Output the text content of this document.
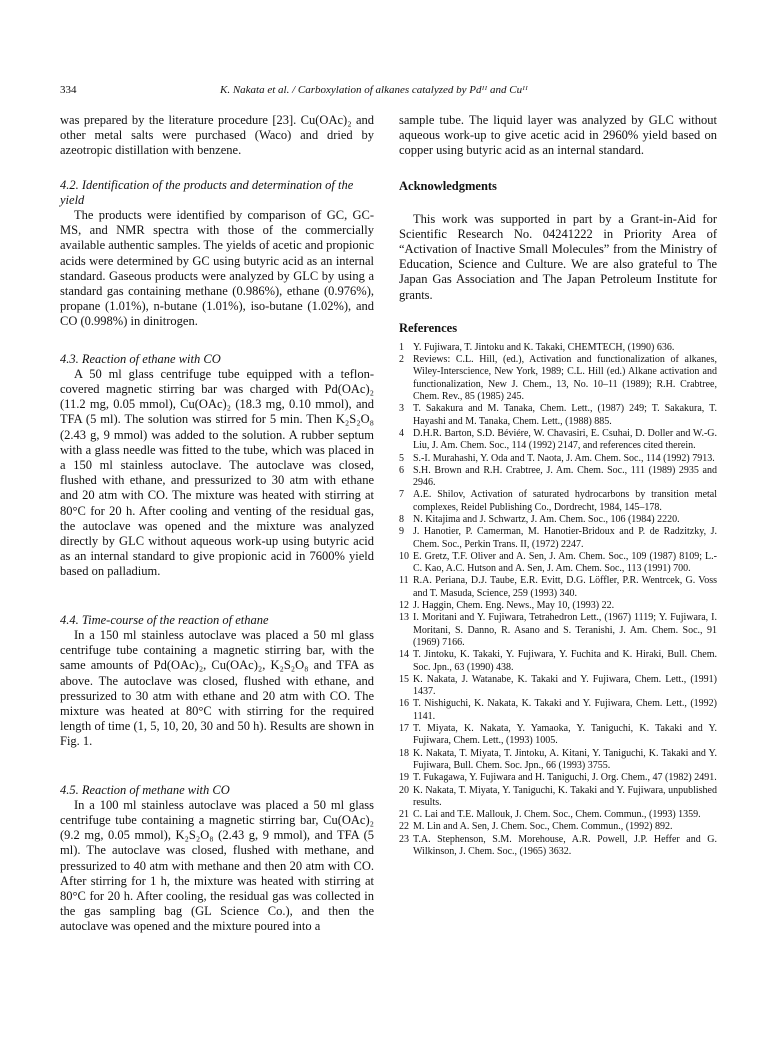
334	K. Nakata et al. / Carboxylation of alkanes catalyzed by Pdᴵᴵ and Cuᴵᴵ

was prepared by the literature procedure [23]. Cu(OAc)₂ and other metal salts were purchased (Waco) and dried by azeotropic distillation with benzene.

4.2. Identification of the products and determination of the yield

The products were identified by comparison of GC, GC-MS, and NMR spectra with those of the commercially available authentic samples. The yields of acetic and propionic acids were determined by GC using butyric acid as an internal standard. Gaseous products were analyzed by GLC by using a standard gas containing methane (0.986%), ethane (0.976%), propane (1.01%), n-butane (1.01%), iso-butane (1.02%), and CO (0.998%) in dinitrogen.

4.3. Reaction of ethane with CO

A 50 ml glass centrifuge tube equipped with a teflon-covered magnetic stirring bar was charged with Pd(OAc)₂ (11.2 mg, 0.05 mmol), Cu(OAc)₂ (18.3 mg, 0.10 mmol), and TFA (5 ml). The solution was stirred for 5 min. Then K₂S₂O₈ (2.43 g, 9 mmol) was added to the solution. A rubber septum with a glass needle was fitted to the tube, which was placed in a 150 ml stainless autoclave. The autoclave was closed, flushed with ethane, and pressurized to 30 atm with ethane and 20 atm with CO. The mixture was heated with stirring at 80°C for 20 h. After cooling and venting of the residual gas, the autoclave was opened and the mixture was analyzed directly by GLC without aqueous work-up using butyric acid as an internal standard to give propionic acid in 7600% yield based on palladium.

4.4. Time-course of the reaction of ethane

In a 150 ml stainless autoclave was placed a 50 ml glass centrifuge tube containing a magnetic stirring bar, with the same amounts of Pd(OAc)₂, Cu(OAc)₂, K₂S₂O₈ and TFA as above. The autoclave was closed, flushed with ethane, and pressurized to 30 atm with ethane and 20 atm with CO. The mixture was heated at 80°C with stirring for the required length of time (1, 5, 10, 20, 30 and 50 h). Results are shown in Fig. 1.

4.5. Reaction of methane with CO

In a 100 ml stainless autoclave was placed a 50 ml glass centrifuge tube containing a magnetic stirring bar, Cu(OAc)₂ (9.2 mg, 0.05 mmol), K₂S₂O₈ (2.43 g, 9 mmol), and TFA (5 ml). The autoclave was closed, flushed with methane, and pressurized to 40 atm with methane and then 20 atm with CO. After stirring for 1 h, the mixture was heated with stirring at 80°C for 20 h. After cooling, the residual gas was collected in the gas sampling bag (GL Science Co.), and then the autoclave was opened and the mixture poured into a

sample tube. The liquid layer was analyzed by GLC without aqueous work-up to give acetic acid in 2960% yield based on copper using butyric acid as an internal standard.

Acknowledgments

This work was supported in part by a Grant-in-Aid for Scientific Research No. 04241222 in Priority Area of “Activation of Inactive Small Molecules” from the Ministry of Education, Science and Culture. We are also grateful to The Japan Gas Association and The Japan Petroleum Institute for grants.

References

1 Y. Fujiwara, T. Jintoku and K. Takaki, CHEMTECH, (1990) 636.

2 Reviews: C.L. Hill, (ed.), Activation and functionalization of alkanes, Wiley-Interscience, New York, 1989; C.L. Hill (ed.) Alkane activation and functionalization, New J. Chem., 13, No. 10–11 (1989); R.H. Crabtree, Chem. Rev., 85 (1985) 245.

3 T. Sakakura and M. Tanaka, Chem. Lett., (1987) 249; T. Sakakura, T. Hayashi and M. Tanaka, Chem. Lett., (1988) 885.

4 D.H.R. Barton, S.D. Béviére, W. Chavasiri, E. Csuhai, D. Doller and W.-G. Liu, J. Am. Chem. Soc., 114 (1992) 2147, and references cited therein.

5 S.-I. Murahashi, Y. Oda and T. Naota, J. Am. Chem. Soc., 114 (1992) 7913.

6 S.H. Brown and R.H. Crabtree, J. Am. Chem. Soc., 111 (1989) 2935 and 2946.

7 A.E. Shilov, Activation of saturated hydrocarbons by transition metal complexes, Reidel Publishing Co., Dordrecht, 1984, 145–178.

8 N. Kitajima and J. Schwartz, J. Am. Chem. Soc., 106 (1984) 2220.

9 J. Hanotier, P. Camerman, M. Hanotier-Bridoux and P. de Radzitzky, J. Chem. Soc., Perkin Trans. II, (1972) 2247.

10 E. Gretz, T.F. Oliver and A. Sen, J. Am. Chem. Soc., 109 (1987) 8109; L.-C. Kao, A.C. Hutson and A. Sen, J. Am. Chem. Soc., 113 (1991) 700.

11 R.A. Periana, D.J. Taube, E.R. Evitt, D.G. Löffler, P.R. Wentrcek, G. Voss and T. Masuda, Science, 259 (1993) 340.

12 J. Haggin, Chem. Eng. News., May 10, (1993) 22.

13 I. Moritani and Y. Fujiwara, Tetrahedron Lett., (1967) 1119; Y. Fujiwara, I. Moritani, S. Danno, R. Asano and S. Teranishi, J. Am. Chem. Soc., 91 (1969) 7166.

14 T. Jintoku, K. Takaki, Y. Fujiwara, Y. Fuchita and K. Hiraki, Bull. Chem. Soc. Jpn., 63 (1990) 438.

15 K. Nakata, J. Watanabe, K. Takaki and Y. Fujiwara, Chem. Lett., (1991) 1437.

16 T. Nishiguchi, K. Nakata, K. Takaki and Y. Fujiwara, Chem. Lett., (1992) 1141.

17 T. Miyata, K. Nakata, Y. Yamaoka, Y. Taniguchi, K. Takaki and Y. Fujiwara, Chem. Lett., (1993) 1005.

18 K. Nakata, T. Miyata, T. Jintoku, A. Kitani, Y. Taniguchi, K. Takaki and Y. Fujiwara, Bull. Chem. Soc. Jpn., 66 (1993) 3755.

19 T. Fukagawa, Y. Fujiwara and H. Taniguchi, J. Org. Chem., 47 (1982) 2491.

20 K. Nakata, T. Miyata, Y. Taniguchi, K. Takaki and Y. Fujiwara, unpublished results.

21 C. Lai and T.E. Mallouk, J. Chem. Soc., Chem. Commun., (1993) 1359.

22 M. Lin and A. Sen, J. Chem. Soc., Chem. Commun., (1992) 892.

23 T.A. Stephenson, S.M. Morehouse, A.R. Powell, J.P. Heffer and G. Wilkinson, J. Chem. Soc., (1965) 3632.
